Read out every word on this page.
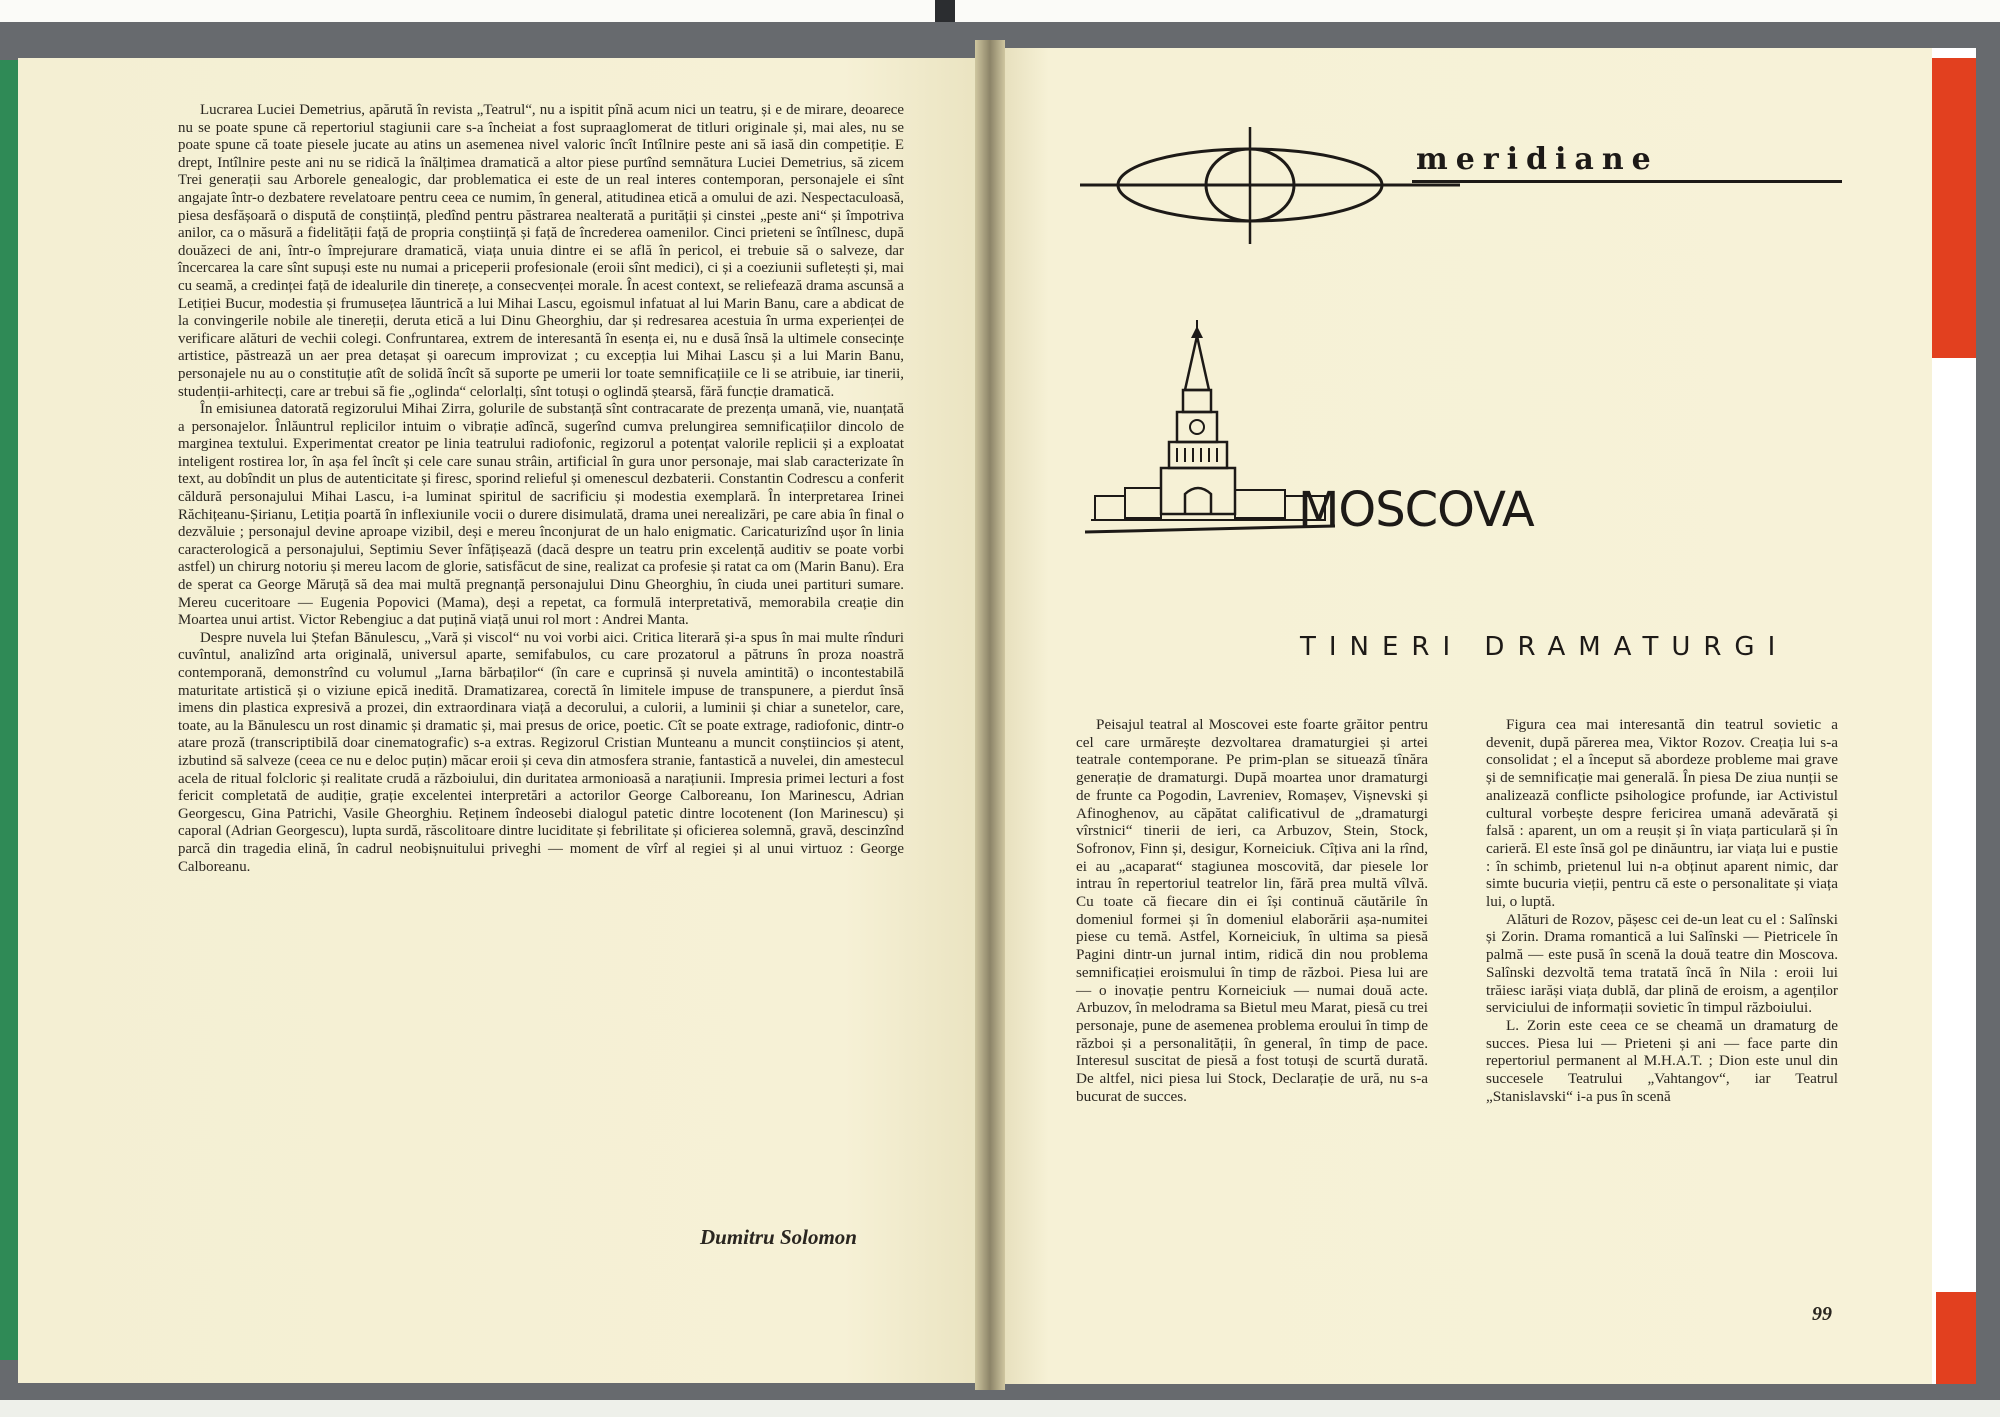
Lucrarea Luciei Demetrius, apărută în revista „Teatrul“, nu a ispitit pînă acum nici un teatru, și e de mirare, deoarece nu se poate spune că repertoriul stagiunii care s-a încheiat a fost supraaglomerat de titluri originale și, mai ales, nu se poate spune că toate piesele jucate au atins un asemenea nivel valoric încît Intîlnire peste ani să iasă din competiție. E drept, Intîlnire peste ani nu se ridică la înălțimea dramatică a altor piese purtînd semnătura Luciei Demetrius, să zicem Trei generații sau Arborele genealogic, dar problematica ei este de un real interes contemporan, personajele ei sînt angajate într-o dezbatere revelatoare pentru ceea ce numim, în general, atitudinea etică a omului de azi. Nespectaculoasă, piesa desfășoară o dispută de conștiință, pledînd pentru păstrarea nealterată a purității și cinstei „peste ani“ și împotriva anilor, ca o măsură a fidelității față de propria conștiință și față de încrederea oamenilor. Cinci prieteni se întîlnesc, după douăzeci de ani, într-o împrejurare dramatică, viața unuia dintre ei se află în pericol, ei trebuie să o salveze, dar încercarea la care sînt supuși este nu numai a priceperii profesionale (eroii sînt medici), ci și a coeziunii sufletești și, mai cu seamă, a credinței față de idealurile din tinerețe, a consecvenței morale. În acest context, se reliefează drama ascunsă a Letiției Bucur, modestia și frumusețea lăuntrică a lui Mihai Lascu, egoismul infatuat al lui Marin Banu, care a abdicat de la convingerile nobile ale tinereții, deruta etică a lui Dinu Gheorghiu, dar și redresarea acestuia în urma experienței de verificare alături de vechii colegi. Confruntarea, extrem de interesantă în esența ei, nu e dusă însă la ultimele consecințe artistice, păstrează un aer prea detașat și oarecum improvizat ; cu excepția lui Mihai Lascu și a lui Marin Banu, personajele nu au o constituție atît de solidă încît să suporte pe umerii lor toate semnificațiile ce li se atribuie, iar tinerii, studenții-arhitecți, care ar trebui să fie „oglinda“ celorlalți, sînt totuși o oglindă ștearsă, fără funcție dramatică.

În emisiunea datorată regizorului Mihai Zirra, golurile de substanță sînt contracarate de prezența umană, vie, nuanțată a personajelor. Înlăuntrul replicilor intuim o vibrație adîncă, sugerînd cumva prelungirea semnificațiilor dincolo de marginea textului. Experimentat creator pe linia teatrului radiofonic, regizorul a potențat valorile replicii și a exploatat inteligent rostirea lor, în așa fel încît și cele care sunau strâin, artificial în gura unor personaje, mai slab caracterizate în text, au dobîndit un plus de autenticitate și firesc, sporind relieful și omenescul dezbaterii. Constantin Codrescu a conferit căldură personajului Mihai Lascu, i-a luminat spiritul de sacrificiu și modestia exemplară. În interpretarea Irinei Răchițeanu-Șirianu, Letiția poartă în inflexiunile vocii o durere disimulată, drama unei nerealizări, pe care abia în final o dezvăluie ; personajul devine aproape vizibil, deși e mereu înconjurat de un halo enigmatic. Caricaturizînd ușor în linia caracterologică a personajului, Septimiu Sever înfățișează (dacă despre un teatru prin excelență auditiv se poate vorbi astfel) un chirurg notoriu și mereu lacom de glorie, satisfăcut de sine, realizat ca profesie și ratat ca om (Marin Banu). Era de sperat ca George Măruță să dea mai multă pregnanță personajului Dinu Gheorghiu, în ciuda unei partituri sumare. Mereu cuceritoare — Eugenia Popovici (Mama), deși a repetat, ca formulă interpretativă, memorabila creație din Moartea unui artist. Victor Rebengiuc a dat puțină viață unui rol mort : Andrei Manta.

Despre nuvela lui Ștefan Bănulescu, „Vară și viscol“ nu voi vorbi aici. Critica literară și-a spus în mai multe rînduri cuvîntul, analizînd arta originală, universul aparte, semifabulos, cu care prozatorul a pătruns în proza noastră contemporană, demonstrînd cu volumul „Iarna bărbaților“ (în care e cuprinsă și nuvela amintită) o incontestabilă maturitate artistică și o viziune epică inedită. Dramatizarea, corectă în limitele impuse de transpunere, a pierdut însă imens din plastica expresivă a prozei, din extraordinara viață a decorului, a culorii, a luminii și chiar a sunetelor, care, toate, au la Bănulescu un rost dinamic și dramatic și, mai presus de orice, poetic. Cît se poate extrage, radiofonic, dintr-o atare proză (transcriptibilă doar cinematografic) s-a extras. Regizorul Cristian Munteanu a muncit conștiincios și atent, izbutind să salveze (ceea ce nu e deloc puțin) măcar eroii și ceva din atmosfera stranie, fantastică a nuvelei, din amestecul acela de ritual folcloric și realitate crudă a războiului, din duritatea armonioasă a narațiunii. Impresia primei lecturi a fost fericit completată de audiție, grație excelentei interpretări a actorilor George Calboreanu, Ion Marinescu, Adrian Georgescu, Gina Patrichi, Vasile Gheorghiu. Reținem îndeosebi dialogul patetic dintre locotenent (Ion Marinescu) și caporal (Adrian Georgescu), lupta surdă, răscolitoare dintre luciditate și febrilitate și oficierea solemnă, gravă, descinzînd parcă din tragedia elină, în cadrul neobișnuitului priveghi — moment de vîrf al regiei și al unui virtuoz : George Calboreanu.

Dumitru Solomon
meridiane
MOSCOVA
TINERI DRAMATURGI

Peisajul teatral al Moscovei este foarte grăitor pentru cel care urmărește dezvoltarea dramaturgiei și artei teatrale contemporane. Pe prim-plan se situează tînăra generație de dramaturgi. După moartea unor dramaturgi de frunte ca Pogodin, Lavreniev, Romașev, Vișnevski și Afinoghenov, au căpătat calificativul de „dramaturgi vîrstnici“ tinerii de ieri, ca Arbuzov, Stein, Stock, Sofronov, Finn și, desigur, Korneiciuk. Cîțiva ani la rînd, ei au „acaparat“ stagiunea moscovită, dar piesele lor intrau în repertoriul teatrelor lin, fără prea multă vîlvă. Cu toate că fiecare din ei își continuă căutările în domeniul formei și în domeniul elaborării așa-numitei piese cu temă. Astfel, Korneiciuk, în ultima sa piesă Pagini dintr-un jurnal intim, ridică din nou problema semnificației eroismului în timp de război. Piesa lui are — o inovație pentru Korneiciuk — numai două acte. Arbuzov, în melodrama sa Bietul meu Marat, piesă cu trei personaje, pune de asemenea problema eroului în timp de război și a personalității, în general, în timp de pace. Interesul suscitat de piesă a fost totuși de scurtă durată. De altfel, nici piesa lui Stock, Declarație de ură, nu s-a bucurat de succes.

Figura cea mai interesantă din teatrul sovietic a devenit, după părerea mea, Viktor Rozov. Creația lui s-a consolidat ; el a început să abordeze probleme mai grave și de semnificație mai generală. În piesa De ziua nunții se analizează conflicte psihologice profunde, iar Activistul cultural vorbește despre fericirea umană adevărată și falsă : aparent, un om a reușit și în viața particulară și în carieră. El este însă gol pe dinăuntru, iar viața lui e pustie : în schimb, prietenul lui n-a obținut aparent nimic, dar simte bucuria vieții, pentru că este o personalitate și viața lui, o luptă.

Alături de Rozov, pășesc cei de-un leat cu el : Salînski și Zorin. Drama romantică a lui Salînski — Pietricele în palmă — este pusă în scenă la două teatre din Moscova. Salînski dezvoltă tema tratată încă în Nila : eroii lui trăiesc iarăși viața dublă, dar plină de eroism, a agenților serviciului de informații sovietic în timpul războiului.

L. Zorin este ceea ce se cheamă un dramaturg de succes. Piesa lui — Prieteni și ani — face parte din repertoriul permanent al M.H.A.T. ; Dion este unul din succesele Teatrului „Vahtangov“, iar Teatrul „Stanislavski“ i-a pus în scenă

99
